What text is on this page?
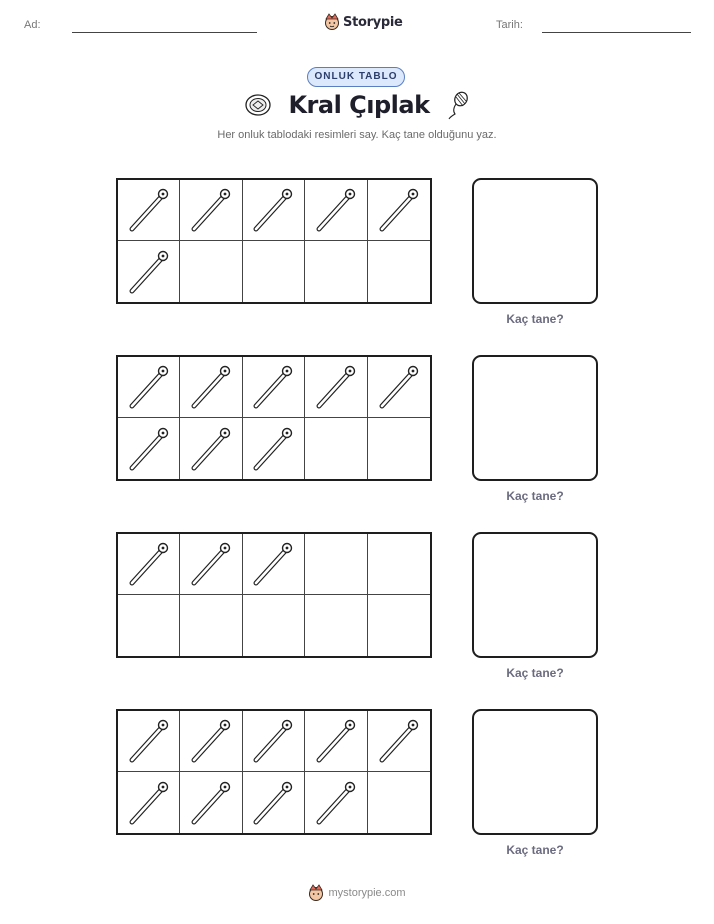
Ad:	Storypie	Tarih:
ONLUK TABLO
Kral Çıplak
Her onluk tablodaki resimleri say. Kaç tane olduğunu yaz.
Kaç tane?
Kaç tane?
Kaç tane?
Kaç tane?
mystorypie.com
